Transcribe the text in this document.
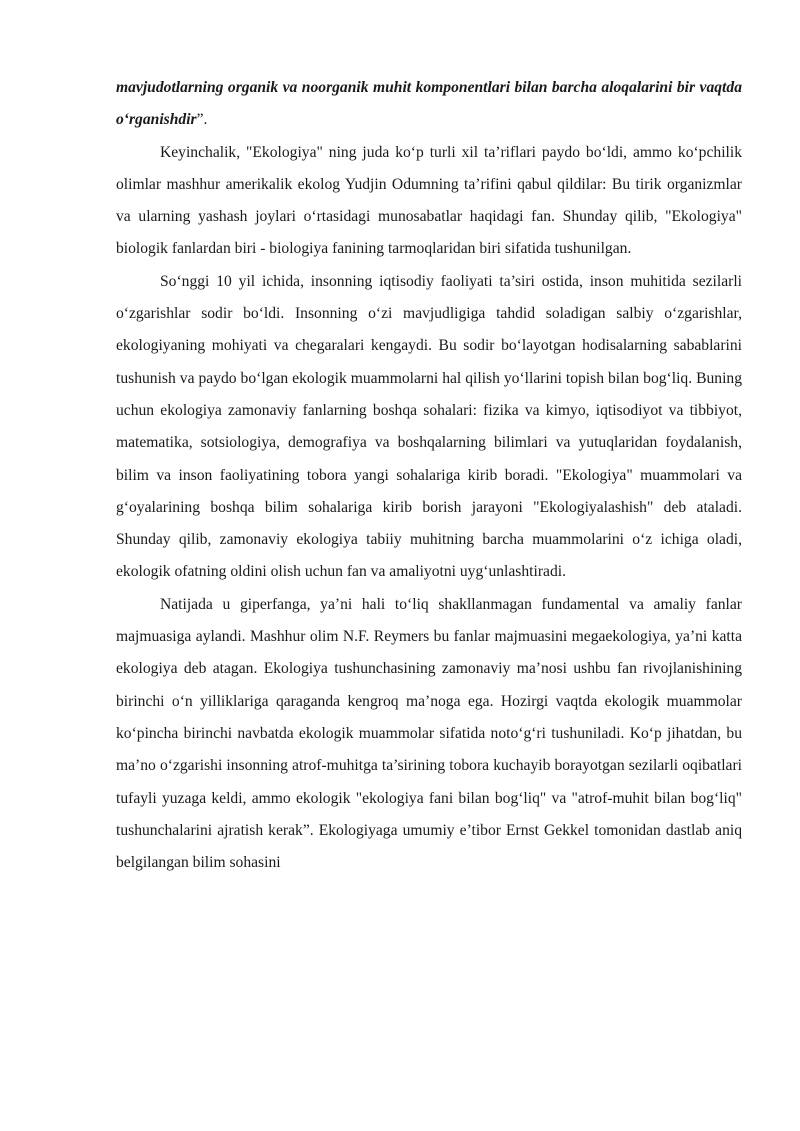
mavjudotlarning organik va noorganik muhit komponentlari bilan barcha aloqalarini bir vaqtda o‘rganishdir”.

Keyinchalik, "Ekologiya" ning juda ko‘p turli xil ta’riflari paydo bo‘ldi, ammo ko‘pchilik olimlar mashhur amerikalik ekolog Yudjin Odumning ta’rifini qabul qildilar: Bu tirik organizmlar va ularning yashash joylari o‘rtasidagi munosabatlar haqidagi fan. Shunday qilib, "Ekologiya" biologik fanlardan biri - biologiya fanining tarmoqlaridan biri sifatida tushunilgan.

So‘nggi 10 yil ichida, insonning iqtisodiy faoliyati ta’siri ostida, inson muhitida sezilarli o‘zgarishlar sodir bo‘ldi. Insonning o‘zi mavjudligiga tahdid soladigan salbiy o‘zgarishlar, ekologiyaning mohiyati va chegaralari kengaydi. Bu sodir bo‘layotgan hodisalarning sabablarini tushunish va paydo bo‘lgan ekologik muammolarni hal qilish yo‘llarini topish bilan bog‘liq. Buning uchun ekologiya zamonaviy fanlarning boshqa sohalari: fizika va kimyo, iqtisodiyot va tibbiyot, matematika, sotsiologiya, demografiya va boshqalarning bilimlari va yutuqlaridan foydalanish, bilim va inson faoliyatining tobora yangi sohalariga kirib boradi. "Ekologiya" muammolari va g‘oyalarining boshqa bilim sohalariga kirib borish jarayoni "Ekologiyalashish" deb ataladi. Shunday qilib, zamonaviy ekologiya tabiiy muhitning barcha muammolarini o‘z ichiga oladi, ekologik ofatning oldini olish uchun fan va amaliyotni uyg‘unlashtiradi.

Natijada u giperfanga, ya’ni hali to‘liq shakllanmagan fundamental va amaliy fanlar majmuasiga aylandi. Mashhur olim N.F. Reymers bu fanlar majmuasini megaekologiya, ya’ni katta ekologiya deb atagan. Ekologiya tushunchasining zamonaviy ma’nosi ushbu fan rivojlanishining birinchi o‘n yilliklariga qaraganda kengroq ma’noga ega. Hozirgi vaqtda ekologik muammolar ko‘pincha birinchi navbatda ekologik muammolar sifatida noto‘g‘ri tushuniladi. Ko‘p jihatdan, bu ma’no o‘zgarishi insonning atrof-muhitga ta’sirining tobora kuchayib borayotgan sezilarli oqibatlari tufayli yuzaga keldi, ammo ekologik "ekologiya fani bilan bog‘liq" va "atrof-muhit bilan bog‘liq" tushunchalarini ajratish kerak”. Ekologiyaga umumiy e’tibor Ernst Gekkel tomonidan dastlab aniq belgilangan bilim sohasini
